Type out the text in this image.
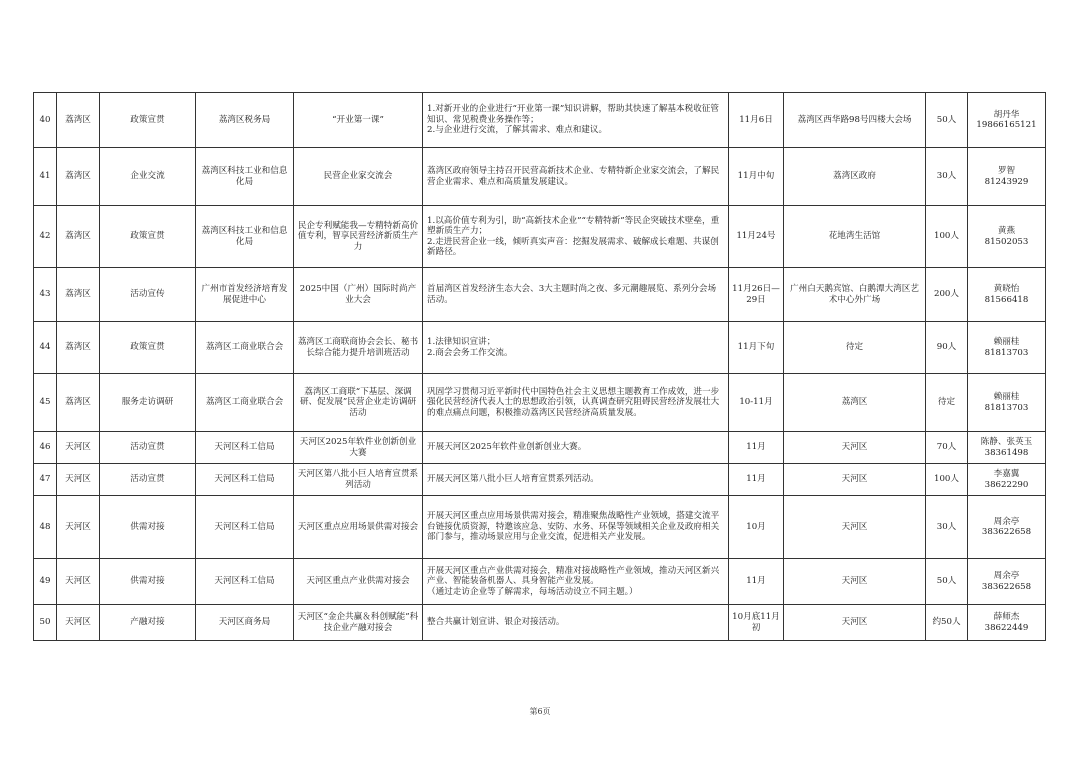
40	荔湾区	政策宣贯	荔湾区税务局	“开业第一课”	1.对新开业的企业进行“开业第一课”知识讲解，帮助其快速了解基本税收征管知识、常见税费业务操作等；
2.与企业进行交流，了解其需求、难点和建议。	11月6日	荔湾区西华路98号四楼大会场	50人	胡丹华
19866165121
41	荔湾区	企业交流	荔湾区科技工业和信息化局	民营企业家交流会	荔湾区政府领导主持召开民营高新技术企业、专精特新企业家交流会，了解民营企业需求、难点和高质量发展建议。	11月中旬	荔湾区政府	30人	罗智
81243929
42	荔湾区	政策宣贯	荔湾区科技工业和信息化局	民企专利赋能我—专精特新高价值专利，智享民营经济新质生产力	1.以高价值专利为引，助“高新技术企业”“专精特新”等民企突破技术壁垒，重塑新质生产力；
2.走进民营企业一线，倾听真实声音：挖掘发展需求、破解成长难题、共谋创新路径。	11月24号	花地湾生活馆	100人	黄燕
81502053
43	荔湾区	活动宣传	广州市首发经济培育发展促进中心	2025中国（广州）国际时尚产业大会	首届湾区首发经济生态大会、3大主题时尚之夜、多元潮趣展览、系列分会场活动。	11月26日—29日	广州白天鹅宾馆、白鹅潭大湾区艺术中心外广场	200人	黄晓怡
81566418
44	荔湾区	政策宣贯	荔湾区工商业联合会	荔湾区工商联商协会会长、秘书长综合能力提升培训班活动	1.法律知识宣讲；
2.商会会务工作交流。	11月下旬	待定	90人	赖丽桂
81813703
45	荔湾区	服务走访调研	荔湾区工商业联合会	荔湾区工商联“下基层、深调研、促发展”民营企业走访调研活动	巩固学习贯彻习近平新时代中国特色社会主义思想主题教育工作成效，进一步强化民营经济代表人士的思想政治引领，认真调查研究阻碍民营经济发展壮大的难点痛点问题，积极推动荔湾区民营经济高质量发展。	10-11月	荔湾区	待定	赖丽桂
81813703
46	天河区	活动宣贯	天河区科工信局	天河区2025年软件业创新创业大赛	开展天河区2025年软件业创新创业大赛。	11月	天河区	70人	陈静、张英玉
38361498
47	天河区	活动宣贯	天河区科工信局	天河区第八批小巨人培育宣贯系列活动	开展天河区第八批小巨人培育宣贯系列活动。	11月	天河区	100人	李嘉翼
38622290
48	天河区	供需对接	天河区科工信局	天河区重点应用场景供需对接会	开展天河区重点应用场景供需对接会，精准聚焦战略性产业领域，搭建交流平台链接优质资源，特邀该应急、安防、水务、环保等领域相关企业及政府相关部门参与，推动场景应用与企业交流，促进相关产业发展。	10月	天河区	30人	周余亭
383622658
49	天河区	供需对接	天河区科工信局	天河区重点产业供需对接会	开展天河区重点产业供需对接会，精准对接战略性产业领域，推动天河区新兴产业、智能装备机器人、具身智能产业发展。
（通过走访企业等了解需求，每场活动设立不同主题。）	11月	天河区	50人	周余亭
383622658
50	天河区	产融对接	天河区商务局	天河区“金企共赢＆科创赋能”科技企业产融对接会	整合共赢计划宣讲、银企对接活动。	10月底11月初	天河区	约50人	薛师杰
38622449
第6页
